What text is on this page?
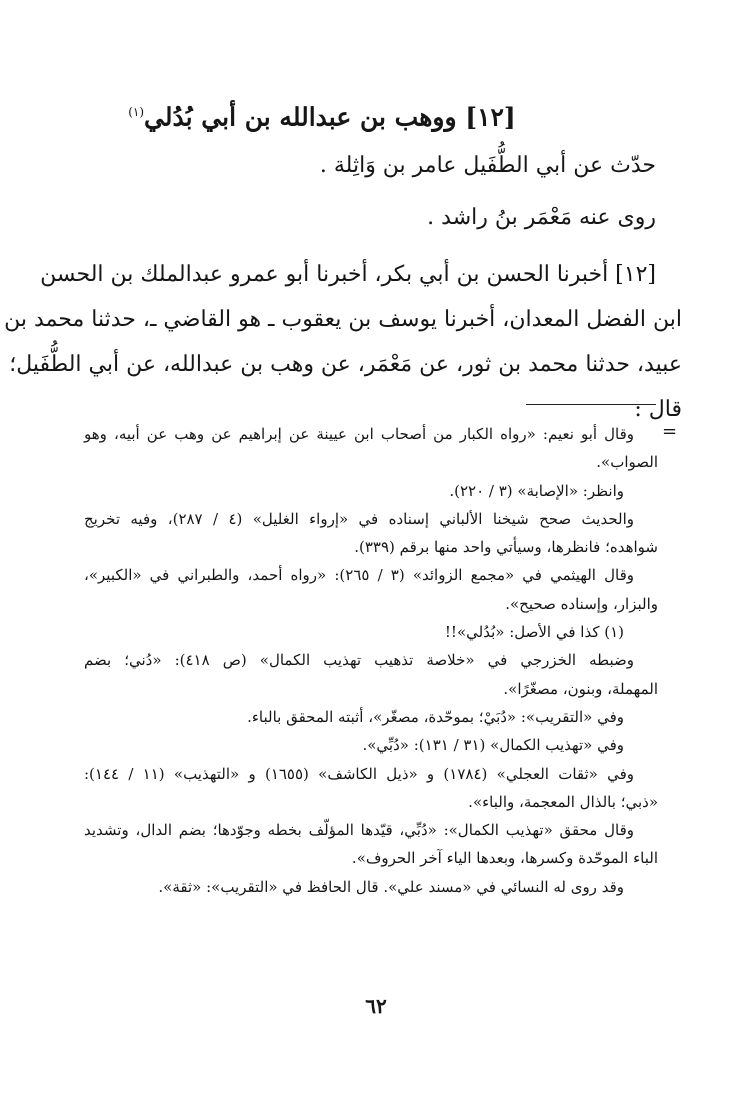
[١٢] ووهب بن عبدالله بن أبي بُدُلي$^{(١)}$
حدّث عن أبي الطُّفَيل عامر بن وَاثِلة .
روى عنه مَعْمَر بنُ راشد .
[١٢] أخبرنا الحسن بن أبي بكر، أخبرنا أبو عمرو عبدالملك بن الحسن
ابن الفضل المعدان، أخبرنا يوسف بن يعقوب ـ هو القاضي ـ، حدثنا محمد بن
عبيد، حدثنا محمد بن ثور، عن مَعْمَر، عن وهب بن عبدالله، عن أبي الطُّفَيل؛
قال :
=
وقال أبو نعيم: «رواه الكبار من أصحاب ابن عيينة عن إبراهيم عن وهب عن أبيه، وهو
الصواب».
وانظر: «الإصابة» (٣ / ٢٢٠).
والحديث صحح شيخنا الألباني إسناده في «إرواء الغليل» (٤ / ٢٨٧)، وفيه تخريج
شواهده؛ فانظرها، وسيأتي واحد منها برقم (٣٣٩).
وقال الهيثمي في «مجمع الزوائد» (٣ / ٢٦٥): «رواه أحمد، والطبراني في «الكبير»،
والبزار، وإسناده صحيح».
(١) كذا في الأصل: «بُدُلي»!!
وضبطه الخزرجي في «خلاصة تذهيب تهذيب الكمال» (ص ٤١٨): «دُني؛ بضم
المهملة، وبنون، مصغّرًا».
وفي «التقريب»: «دُبَيْ؛ بموحّدة، مصغّر»، أثبته المحقق بالباء.
وفي «تهذيب الكمال» (٣١ / ١٣١): «دُبِّي».
وفي «ثقات العجلي» (١٧٨٤) و «ذيل الكاشف» (١٦٥٥) و «التهذيب» (١١ / ١٤٤):
«ذبي؛ بالذال المعجمة، والباء».
وقال محقق «تهذيب الكمال»: «دُبِّي، قيّدها المؤلّف بخطه وجوّدها؛ بضم الدال، وتشديد
الباء الموحّدة وكسرها، وبعدها الياء آخر الحروف».
وقد روى له النسائي في «مسند علي». قال الحافظ في «التقريب»: «ثقة».
٦٢
